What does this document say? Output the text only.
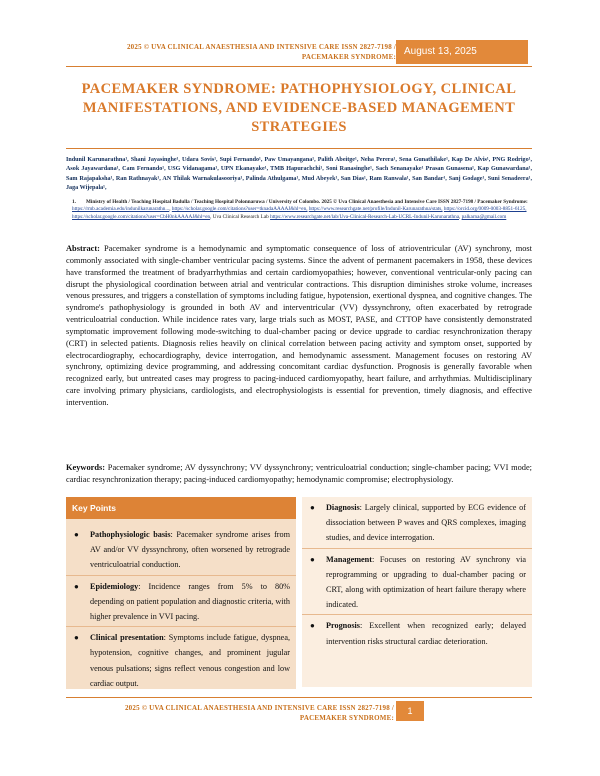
2025 © UVA CLINICAL ANAESTHESIA AND INTENSIVE CARE ISSN 2827-7198 /
PACEMAKER SYNDROME: August 13, 2025
PACEMAKER SYNDROME: PATHOPHYSIOLOGY, CLINICAL MANIFESTATIONS, AND EVIDENCE-BASED MANAGEMENT STRATEGIES
Indunil Karunarathna¹, Shani Jayasinghe¹, Udara Sovis¹, Supi Fernando¹, Paw Umayangana¹, Palith Abeitge¹, Neha Perera¹, Sena Gunathilake¹, Kap De Alvis¹, PNG Rodrigo¹, Asok Jayawardana¹, Cam Fernando¹, USG Vidanagama¹, UPN Ekanayake¹, TMB Hapurachchi¹, Soni Ranasinghe¹, Sach Senanayake¹ Prasan Gunasena¹, Kap Gunawardana¹, Sam Rajapaksha¹, Ran Rathnayak¹, AN Thilak Warnakulasooriya¹, Palinda Athulgama¹, Mud Abeyek¹, San Dias¹, Ram Ranwala¹, San Bandar¹, Sanj Godage¹, Suni Senadeera¹, Jaga Wijepala¹,
1. Ministry of Health / Teaching Hospital Badulla / Teaching Hospital Polonnaruwa / University of Colombo. 2025 © Uva Clinical Anaesthesia and Intensive Care ISSN 2827-7198 / Pacemaker Syndrome:
https://rmb.academia.edu/indunilkarunarathn..., https://scholar.google.com/citations?user=tknadaAAAAJ&hl=en, https://www.researchgate.net/profile/Indunil-Karunarathna/stats, https://orcid.org/0009-0003-8851-6125, https://scholar.google.com/citations?user=CbH0nkAAAAJ&hl=en, Uva Clinical Research Lab https://www.researchgate.net/lab/Uva-Clinical-Research-Lab-UCRL-Indunil-Karunarathna, palkarna@gmail.com
Abstract: Pacemaker syndrome is a hemodynamic and symptomatic consequence of loss of atrioventricular (AV) synchrony, most commonly associated with single-chamber ventricular pacing systems. Since the advent of permanent pacemakers in 1958, these devices have transformed the treatment of bradyarrhythmias and certain cardiomyopathies; however, conventional ventricular-only pacing can disrupt the physiological coordination between atrial and ventricular contractions. This disruption diminishes stroke volume, increases venous pressures, and triggers a constellation of symptoms including fatigue, hypotension, exertional dyspnea, and cognitive changes. The syndrome's pathophysiology is grounded in both AV and interventricular (VV) dyssynchrony, often exacerbated by retrograde ventriculoatrial conduction. While incidence rates vary, large trials such as MOST, PASE, and CTTOP have consistently demonstrated symptomatic improvement following mode-switching to dual-chamber pacing or device upgrade to cardiac resynchronization therapy (CRT) in selected patients. Diagnosis relies heavily on clinical correlation between pacing activity and symptom onset, supported by electrocardiography, echocardiography, device interrogation, and hemodynamic assessment. Management focuses on restoring AV synchrony, optimizing device programming, and addressing concomitant cardiac dysfunction. Prognosis is generally favorable when recognized early, but untreated cases may progress to pacing-induced cardiomyopathy, heart failure, and arrhythmias. Multidisciplinary care involving primary physicians, cardiologists, and electrophysiologists is essential for prevention, timely diagnosis, and effective intervention.
Keywords: Pacemaker syndrome; AV dyssynchrony; VV dyssynchrony; ventriculoatrial conduction; single-chamber pacing; VVI mode; cardiac resynchronization therapy; pacing-induced cardiomyopathy; hemodynamic compromise; electrophysiology.
Key Points
● Pathophysiologic basis: Pacemaker syndrome arises from AV and/or VV dyssynchrony, often worsened by retrograde ventriculoatrial conduction.
● Epidemiology: Incidence ranges from 5% to 80% depending on patient population and diagnostic criteria, with higher prevalence in VVI pacing.
● Clinical presentation: Symptoms include fatigue, dyspnea, hypotension, cognitive changes, and prominent jugular venous pulsations; signs reflect venous congestion and low cardiac output.
● Diagnosis: Largely clinical, supported by ECG evidence of dissociation between P waves and QRS complexes, imaging studies, and device interrogation.
● Management: Focuses on restoring AV synchrony via reprogramming or upgrading to dual-chamber pacing or CRT, along with optimization of heart failure therapy where indicated.
● Prognosis: Excellent when recognized early; delayed intervention risks structural cardiac deterioration.
2025 © UVA CLINICAL ANAESTHESIA AND INTENSIVE CARE ISSN 2827-7198 /
PACEMAKER SYNDROME:
1
